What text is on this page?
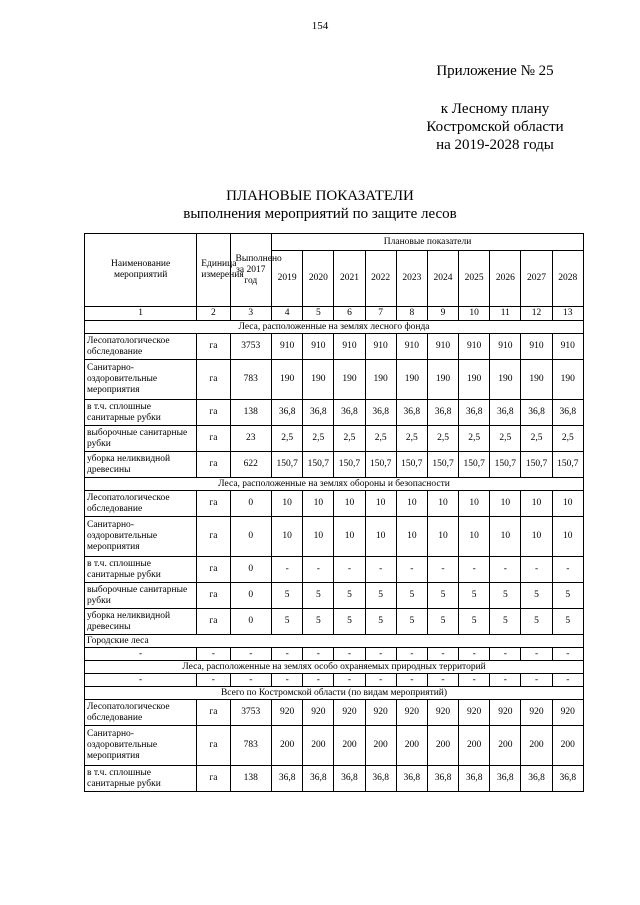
154
Приложение № 25
к Лесному плану
Костромской области
на 2019-2028 годы
ПЛАНОВЫЕ ПОКАЗАТЕЛИ
выполнения мероприятий по защите лесов
Наименование мероприятий	Единица измерения	Выполнено за 2017 год	Плановые показатели									
			2019	2020	2021	2022	2023	2024	2025	2026	2027	2028
1	2	3	4	5	6	7	8	9	10	11	12	13
Леса, расположенные на землях лесного фонда												
Лесопатологическое обследование	га	3753	910	910	910	910	910	910	910	910	910	910
Санитарно-оздоровительные мероприятия	га	783	190	190	190	190	190	190	190	190	190	190
в т.ч. сплошные санитарные рубки	га	138	36,8	36,8	36,8	36,8	36,8	36,8	36,8	36,8	36,8	36,8
выборочные санитарные рубки	га	23	2,5	2,5	2,5	2,5	2,5	2,5	2,5	2,5	2,5	2,5
уборка неликвидной древесины	га	622	150,7	150,7	150,7	150,7	150,7	150,7	150,7	150,7	150,7	150,7
Леса, расположенные на землях обороны и безопасности												
Лесопатологическое обследование	га	0	10	10	10	10	10	10	10	10	10	10
Санитарно-оздоровительные мероприятия	га	0	10	10	10	10	10	10	10	10	10	10
в т.ч. сплошные санитарные рубки	га	0	-	-	-	-	-	-	-	-	-	-
выборочные санитарные рубки	га	0	5	5	5	5	5	5	5	5	5	5
уборка неликвидной древесины	га	0	5	5	5	5	5	5	5	5	5	5
Городские леса												
-	-	-	-	-	-	-	-	-	-	-	-	-
Леса, расположенные на землях особо охраняемых природных территорий												
-	-	-	-	-	-	-	-	-	-	-	-	-
Всего по Костромской области (по видам мероприятий)												
Лесопатологическое обследование	га	3753	920	920	920	920	920	920	920	920	920	920
Санитарно-оздоровительные мероприятия	га	783	200	200	200	200	200	200	200	200	200	200
в т.ч. сплошные санитарные рубки	га	138	36,8	36,8	36,8	36,8	36,8	36,8	36,8	36,8	36,8	36,8
